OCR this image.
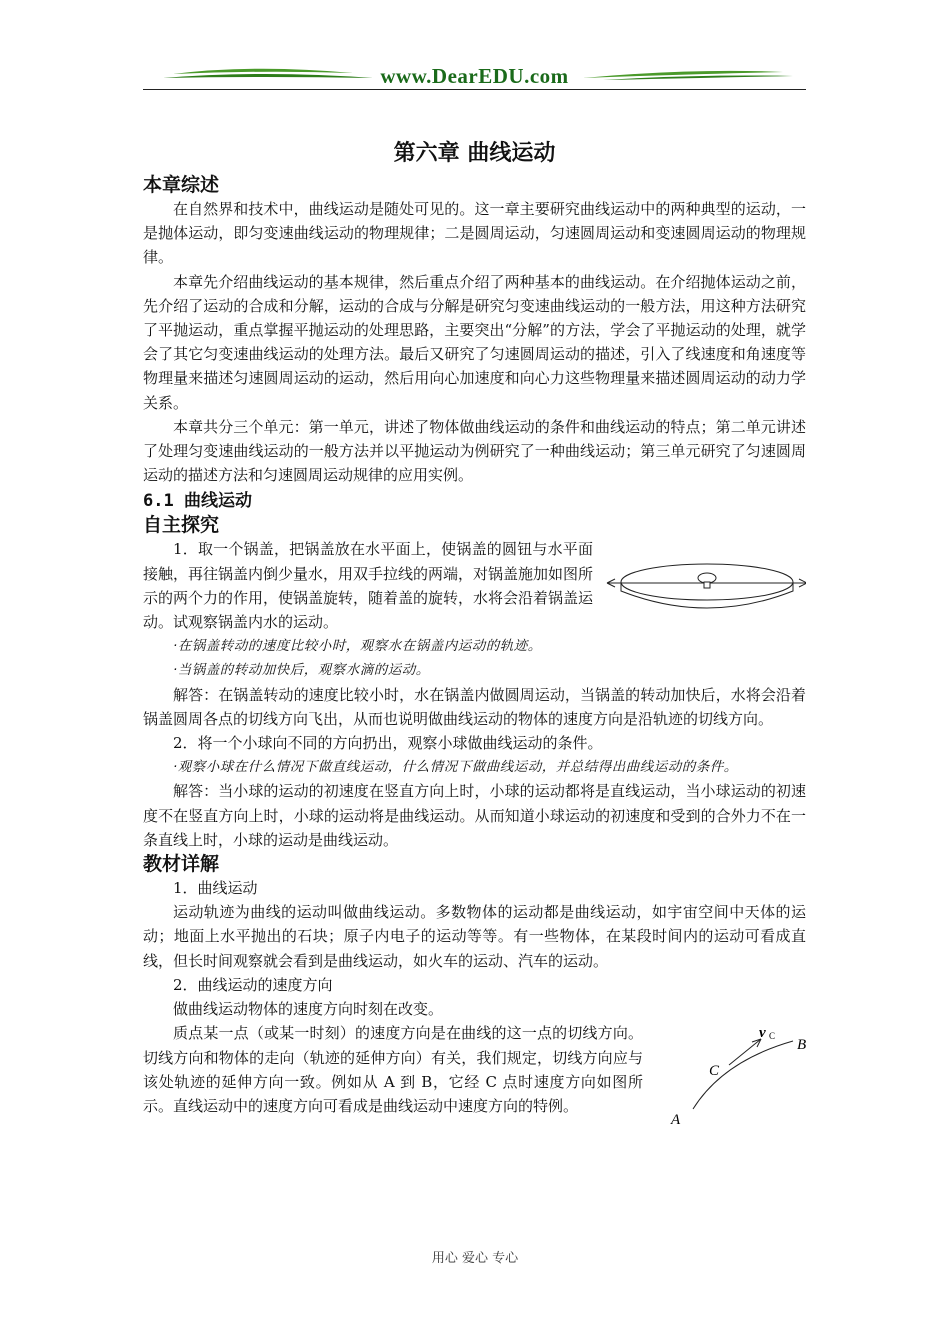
www.DearEDU.com
第六章 曲线运动
本章综述

在自然界和技术中，曲线运动是随处可见的。这一章主要研究曲线运动中的两种典型的运动，一是抛体运动，即匀变速曲线运动的物理规律；二是圆周运动，匀速圆周运动和变速圆周运动的物理规律。

本章先介绍曲线运动的基本规律，然后重点介绍了两种基本的曲线运动。在介绍抛体运动之前，先介绍了运动的合成和分解，运动的合成与分解是研究匀变速曲线运动的一般方法，用这种方法研究了平抛运动，重点掌握平抛运动的处理思路，主要突出“分解”的方法，学会了平抛运动的处理，就学会了其它匀变速曲线运动的处理方法。最后又研究了匀速圆周运动的描述，引入了线速度和角速度等物理量来描述匀速圆周运动的运动，然后用向心加速度和向心力这些物理量来描述圆周运动的动力学关系。

本章共分三个单元：第一单元，讲述了物体做曲线运动的条件和曲线运动的特点；第二单元讲述了处理匀变速曲线运动的一般方法并以平抛运动为例研究了一种曲线运动；第三单元研究了匀速圆周运动的描述方法和匀速圆周运动规律的应用实例。

6.1 曲线运动
自主探究

1．取一个锅盖，把锅盖放在水平面上，使锅盖的圆钮与水平面接触，再往锅盖内倒少量水，用双手拉线的两端，对锅盖施加如图所示的两个力的作用，使锅盖旋转，随着盖的旋转，水将会沿着锅盖运动。试观察锅盖内水的运动。

·在锅盖转动的速度比较小时，观察水在锅盖内运动的轨迹。

·当锅盖的转动加快后，观察水滴的运动。

解答：在锅盖转动的速度比较小时，水在锅盖内做圆周运动，当锅盖的转动加快后，水将会沿着锅盖圆周各点的切线方向飞出，从而也说明做曲线运动的物体的速度方向是沿轨迹的切线方向。

2．将一个小球向不同的方向扔出，观察小球做曲线运动的条件。

·观察小球在什么情况下做直线运动，什么情况下做曲线运动，并总结得出曲线运动的条件。

解答：当小球的运动的初速度在竖直方向上时，小球的运动都将是直线运动，当小球运动的初速度不在竖直方向上时，小球的运动将是曲线运动。从而知道小球运动的初速度和受到的合外力不在一条直线上时，小球的运动是曲线运动。

教材详解

1．曲线运动

运动轨迹为曲线的运动叫做曲线运动。多数物体的运动都是曲线运动，如宇宙空间中天体的运动；地面上水平抛出的石块；原子内电子的运动等等。有一些物体，在某段时间内的运动可看成直线，但长时间观察就会看到是曲线运动，如火车的运动、汽车的运动。

2．曲线运动的速度方向

做曲线运动物体的速度方向时刻在改变。

质点某一点（或某一时刻）的速度方向是在曲线的这一点的切线方向。切线方向和物体的走向（轨迹的延伸方向）有关，我们规定，切线方向应与该处轨迹的延伸方向一致。例如从 A 到 B，它经 C 点时速度方向如图所示。直线运动中的速度方向可看成是曲线运动中速度方向的特例。

A
C
B
v C
用心 爱心 专心
